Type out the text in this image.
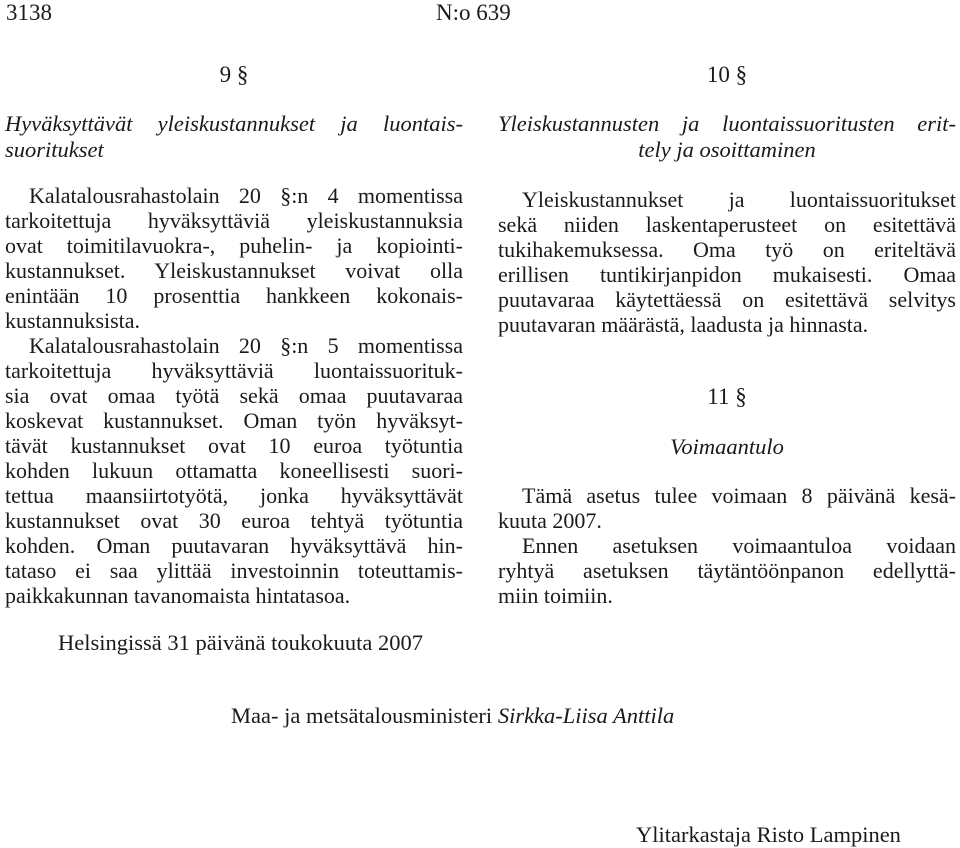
3138	N:o 639
9 §
Hyväksyttävät yleiskustannukset ja luontais-
suoritukset
Kalatalousrahastolain 20 §:n 4 momentissa
tarkoitettuja hyväksyttäviä yleiskustannuksia
ovat toimitilavuokra-, puhelin- ja kopiointi-
kustannukset. Yleiskustannukset voivat olla
enintään 10 prosenttia hankkeen kokonais-
kustannuksista.
Kalatalousrahastolain 20 §:n 5 momentissa
tarkoitettuja hyväksyttäviä luontaissuorituk-
sia ovat omaa työtä sekä omaa puutavaraa
koskevat kustannukset. Oman työn hyväksyt-
tävät kustannukset ovat 10 euroa työtuntia
kohden lukuun ottamatta koneellisesti suori-
tettua maansiirtotyötä, jonka hyväksyttävät
kustannukset ovat 30 euroa tehtyä työtuntia
kohden. Oman puutavaran hyväksyttävä hin-
tataso ei saa ylittää investoinnin toteuttamis-
paikkakunnan tavanomaista hintatasoa.
10 §
Yleiskustannusten ja luontaissuoritusten erit-
tely ja osoittaminen
Yleiskustannukset ja luontaissuoritukset
sekä niiden laskentaperusteet on esitettävä
tukihakemuksessa. Oma työ on eriteltävä
erillisen tuntikirjanpidon mukaisesti. Omaa
puutavaraa käytettäessä on esitettävä selvitys
puutavaran määrästä, laadusta ja hinnasta.
11 §
Voimaantulo
Tämä asetus tulee voimaan 8 päivänä kesä-
kuuta 2007.
Ennen asetuksen voimaantuloa voidaan
ryhtyä asetuksen täytäntöönpanon edellyttä-
miin toimiin.
Helsingissä 31 päivänä toukokuuta 2007
Maa- ja metsätalousministeri Sirkka-Liisa Anttila
Ylitarkastaja Risto Lampinen
